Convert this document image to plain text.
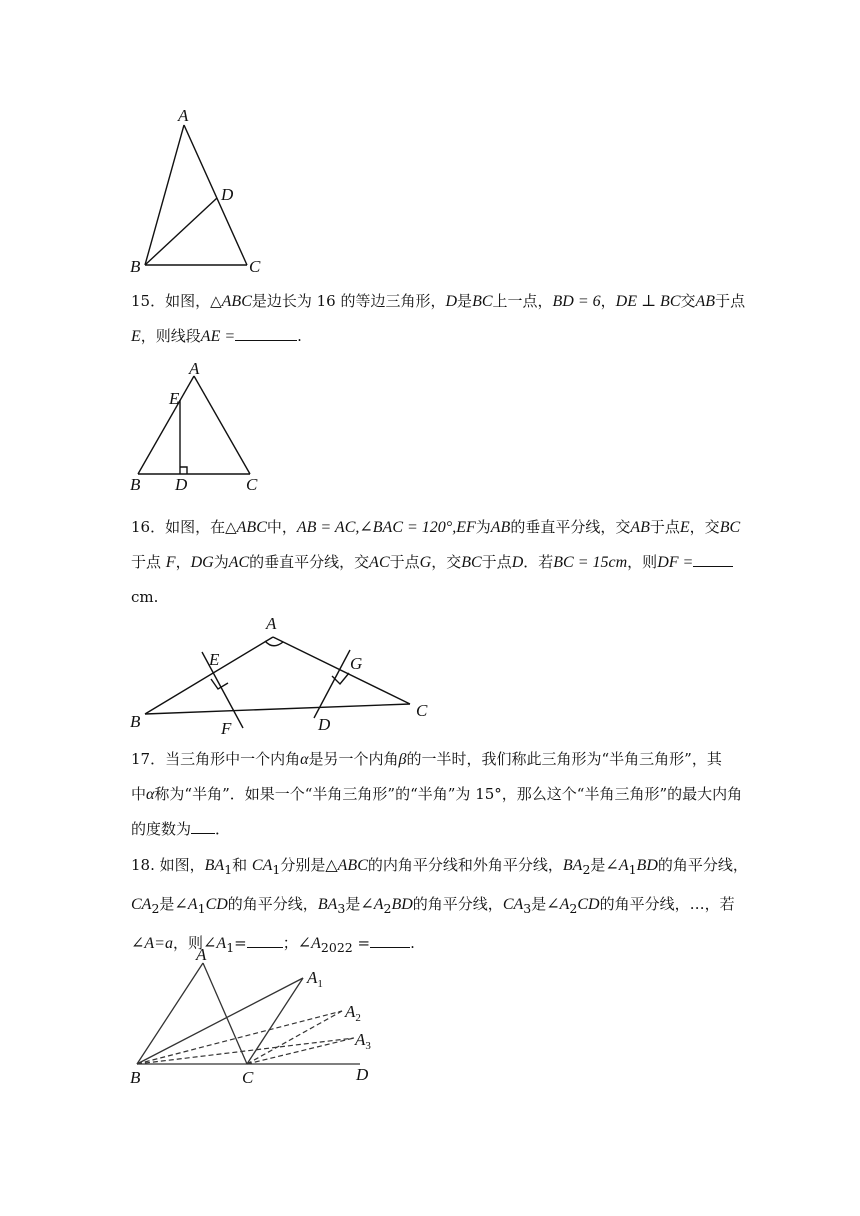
A
B	C
D

15．如图，△ABC是边长为 16 的等边三角形，D是BC上一点，BD = 6，DE ⊥ BC交AB于点

E，则线段AE =	.

A
E
B D	C

16．如图，在△ABC中，AB = AC,∠BAC = 120°,EF为AB的垂直平分线，交AB于点E，交BC

于点 F，DG为AC的垂直平分线，交AC于点G，交BC于点D．若BC = 15cm，则DF =

cm.

A
E	G
B	F	D
C

17．当三角形中一个内角α是另一个内角β的一半时，我们称此三角形为“半角三角形”，其

中α称为“半角”．如果一个“半角三角形”的“半角”为 15°，那么这个“半角三角形”的最大内角

的度数为 ．

18. 如图，$BA_1$和 $CA_1$分别是△ABC的内角平分线和外角平分线，$BA_2$是$\angle A_1BD$的角平分线，

$CA_2$是$\angle A_1CD$的角平分线，$BA_3$是$\angle A_2BD$的角平分线，$CA_3$是$\angle A_2CD$的角平分线，…，若

∠A=a，则$\angle A_1=$ ；$\angle A_{2022}$ =	.

A
$A_1$
$A_2$
$A_3$
B	C	D
